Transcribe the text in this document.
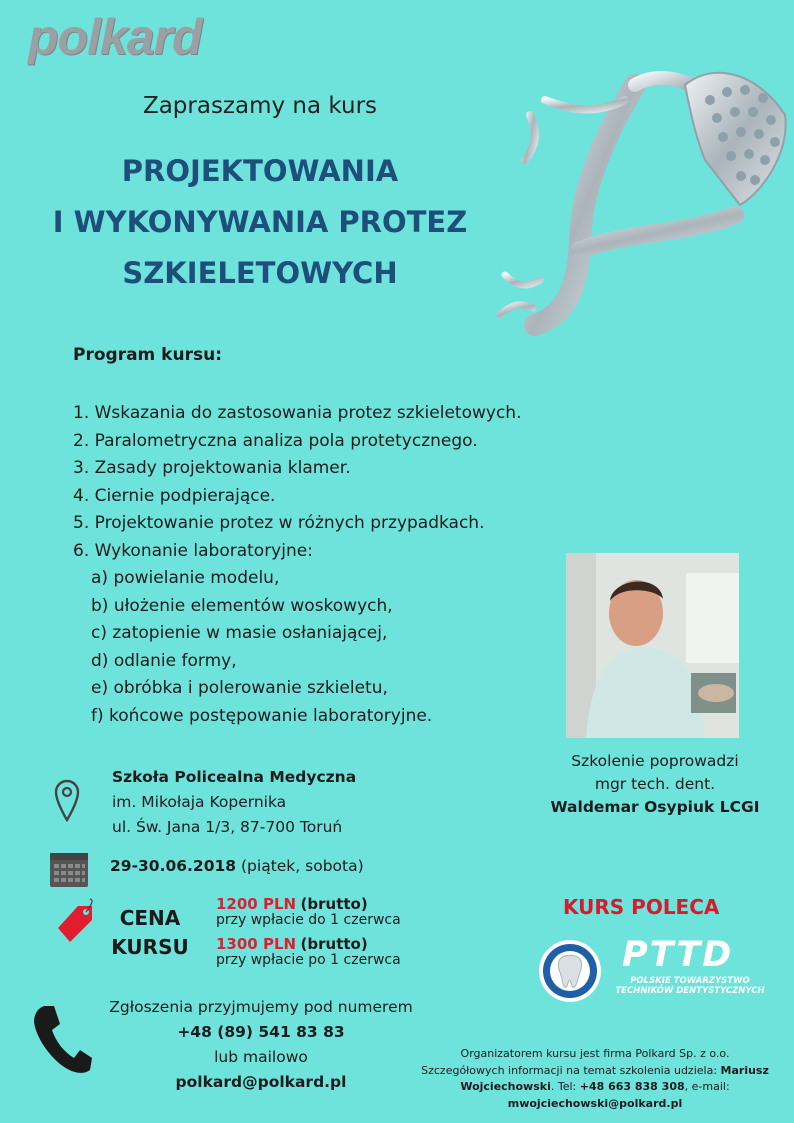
polkard
Zapraszamy na kurs
PROJEKTOWANIA
I WYKONYWANIA PROTEZ
SZKIELETOWYCH
Program kursu:
1. Wskazania do zastosowania protez szkieletowych.
2. Paralometryczna analiza pola protetycznego.
3. Zasady projektowania klamer.
4. Ciernie podpierające.
5. Projektowanie protez w różnych przypadkach.
6. Wykonanie laboratoryjne:
a) powielanie modelu,
b) ułożenie elementów woskowych,
c) zatopienie w masie osłaniającej,
d) odlanie formy,
e) obróbka i polerowanie szkieletu,
f) końcowe postępowanie laboratoryjne.
Szkolenie poprowadzi
mgr tech. dent.
Waldemar Osypiuk LCGI
Szkoła Policealna Medyczna
im. Mikołaja Kopernika
ul. Św. Jana 1/3, 87-700 Toruń
29-30.06.2018 (piątek, sobota)
CENA
KURSU
1200 PLN (brutto)
przy wpłacie do 1 czerwca
1300 PLN (brutto)
przy wpłacie po 1 czerwca
KURS POLECA
PTTD
POLSKIE TOWARZYSTWO
TECHNIKÓW DENTYSTYCZNYCH
Zgłoszenia przyjmujemy pod numerem
+48 (89) 541 83 83
lub mailowo
polkard@polkard.pl
Organizatorem kursu jest firma Polkard Sp. z o.o.
Szczegółowych informacji na temat szkolenia udziela: Mariusz Wojciechowski. Tel: +48 663 838 308, e-mail:
mwojciechowski@polkard.pl
